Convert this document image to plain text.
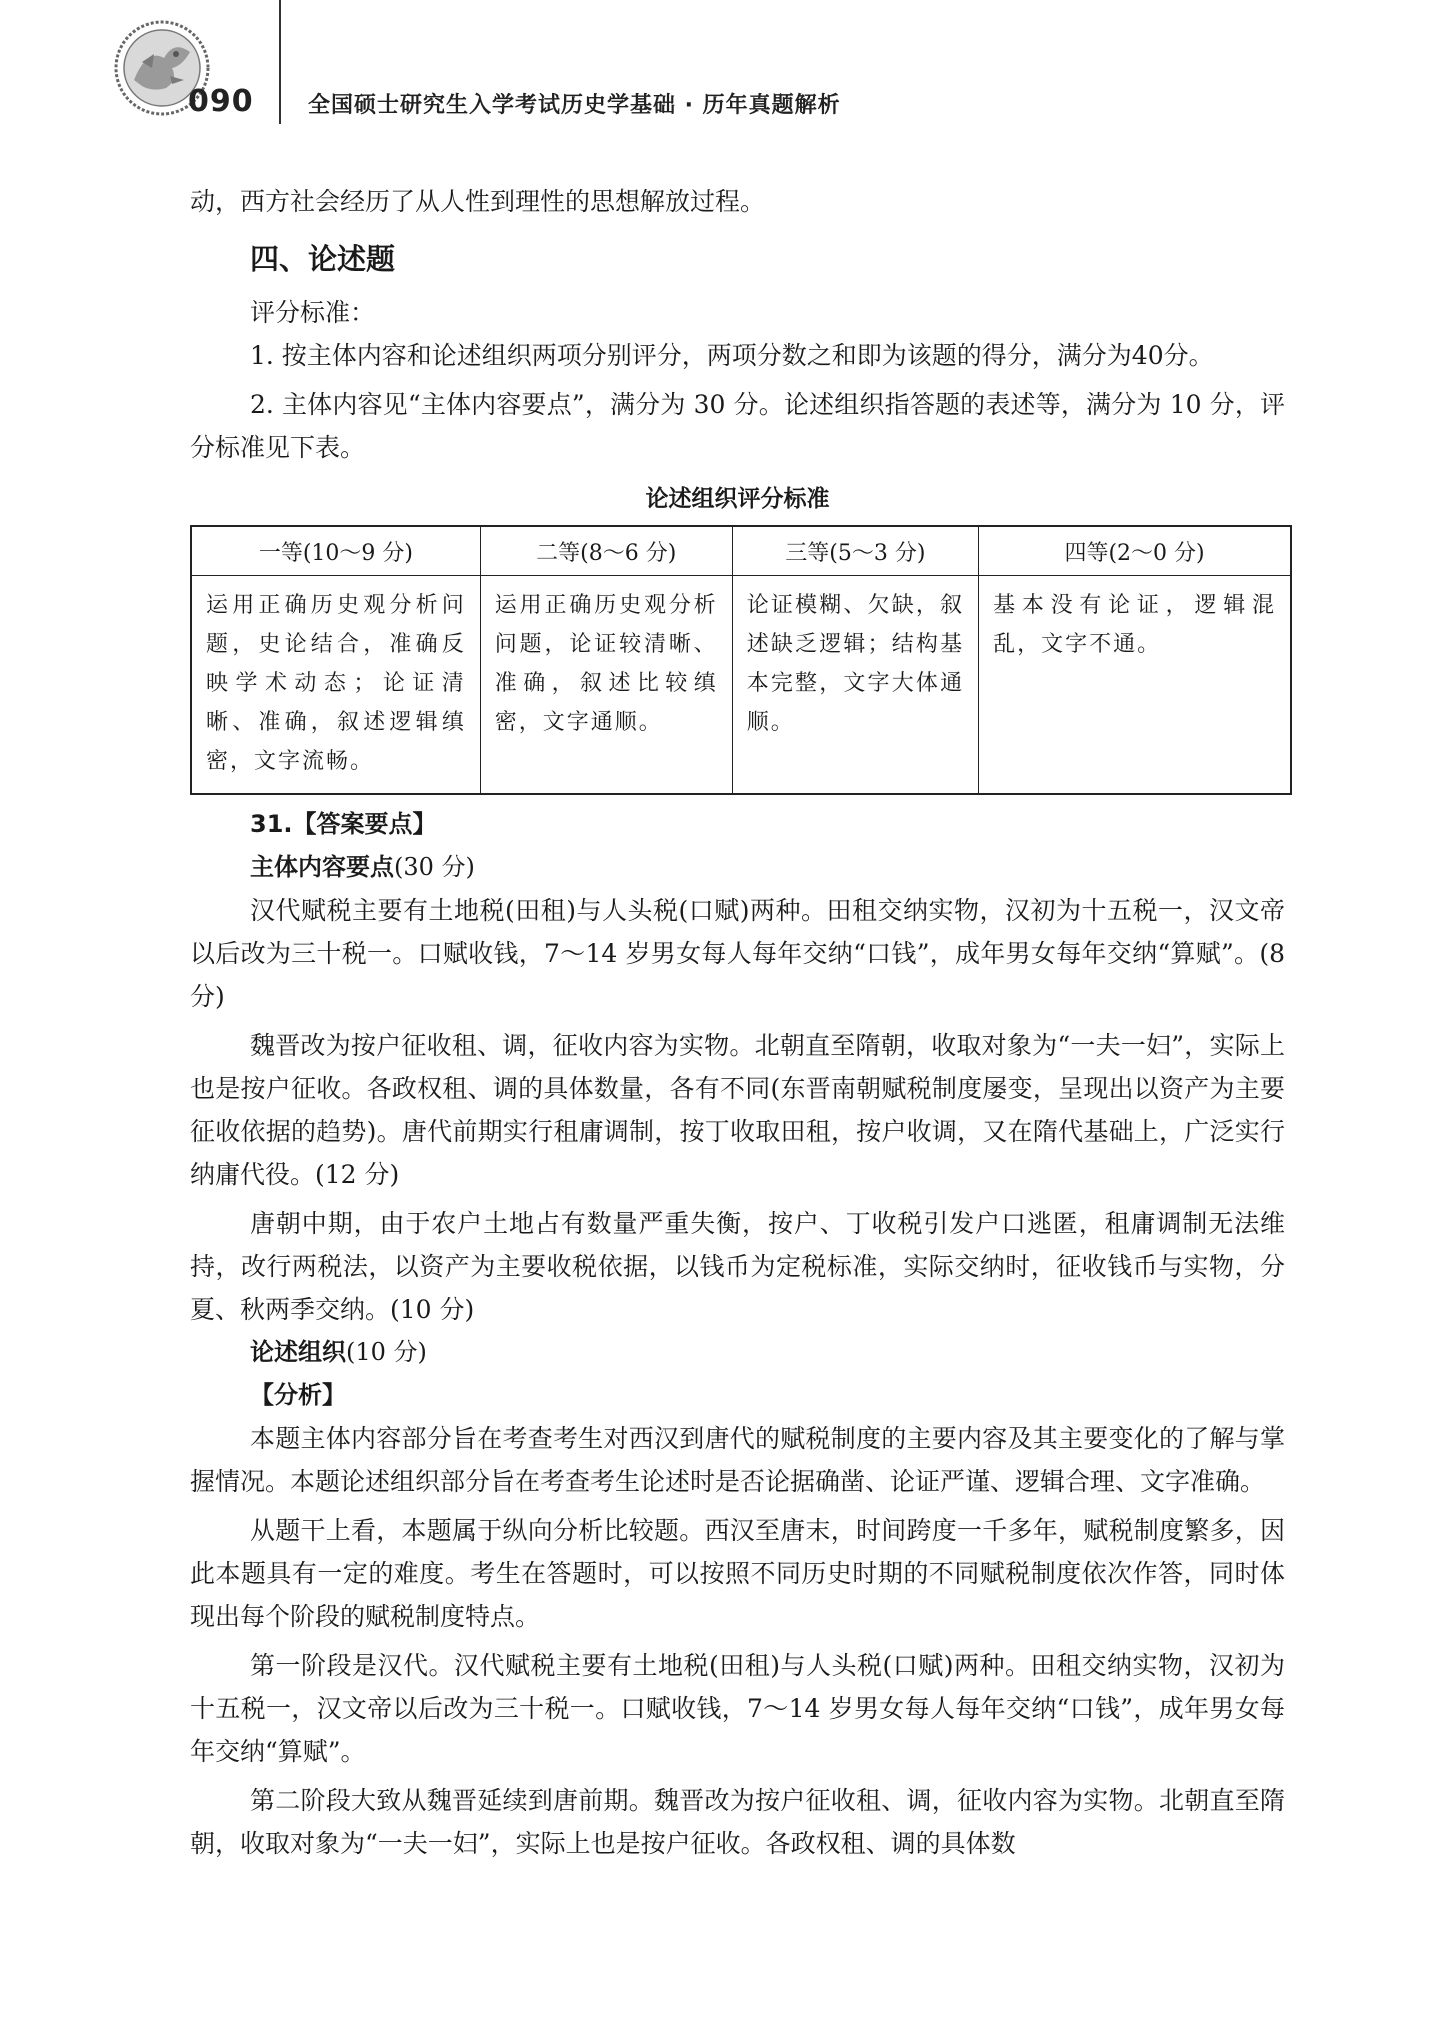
090 全国硕士研究生入学考试历史学基础 · 历年真题解析

动，西方社会经历了从人性到理性的思想解放过程。

四、论述题

评分标准：

1. 按主体内容和论述组织两项分别评分，两项分数之和即为该题的得分，满分为40分。

2. 主体内容见“主体内容要点”，满分为 30 分。论述组织指答题的表述等，满分为 10 分，评分标准见下表。

论述组织评分标准
一等(10～9 分)	二等(8～6 分)	三等(5～3 分)	四等(2～0 分)
运用正确历史观分析问题，史论结合，准确反映学术动态；论证清晰、准确，叙述逻辑缜密，文字流畅。	运用正确历史观分析问题，论证较清晰、准确，叙述比较缜密，文字通顺。	论证模糊、欠缺，叙述缺乏逻辑；结构基本完整，文字大体通顺。	基本没有论证，逻辑混乱，文字不通。
31.【答案要点】
主体内容要点(30 分)

汉代赋税主要有土地税(田租)与人头税(口赋)两种。田租交纳实物，汉初为十五税一，汉文帝以后改为三十税一。口赋收钱，7～14 岁男女每人每年交纳“口钱”，成年男女每年交纳“算赋”。(8 分)

魏晋改为按户征收租、调，征收内容为实物。北朝直至隋朝，收取对象为“一夫一妇”，实际上也是按户征收。各政权租、调的具体数量，各有不同(东晋南朝赋税制度屡变，呈现出以资产为主要征收依据的趋势)。唐代前期实行租庸调制，按丁收取田租，按户收调，又在隋代基础上，广泛实行纳庸代役。(12 分)

唐朝中期，由于农户土地占有数量严重失衡，按户、丁收税引发户口逃匿，租庸调制无法维持，改行两税法，以资产为主要收税依据，以钱币为定税标准，实际交纳时，征收钱币与实物，分夏、秋两季交纳。(10 分)

论述组织(10 分)
【分析】

本题主体内容部分旨在考查考生对西汉到唐代的赋税制度的主要内容及其主要变化的了解与掌握情况。本题论述组织部分旨在考查考生论述时是否论据确凿、论证严谨、逻辑合理、文字准确。

从题干上看，本题属于纵向分析比较题。西汉至唐末，时间跨度一千多年，赋税制度繁多，因此本题具有一定的难度。考生在答题时，可以按照不同历史时期的不同赋税制度依次作答，同时体现出每个阶段的赋税制度特点。

第一阶段是汉代。汉代赋税主要有土地税(田租)与人头税(口赋)两种。田租交纳实物，汉初为十五税一，汉文帝以后改为三十税一。口赋收钱，7～14 岁男女每人每年交纳“口钱”，成年男女每年交纳“算赋”。

第二阶段大致从魏晋延续到唐前期。魏晋改为按户征收租、调，征收内容为实物。北朝直至隋朝，收取对象为“一夫一妇”，实际上也是按户征收。各政权租、调的具体数
